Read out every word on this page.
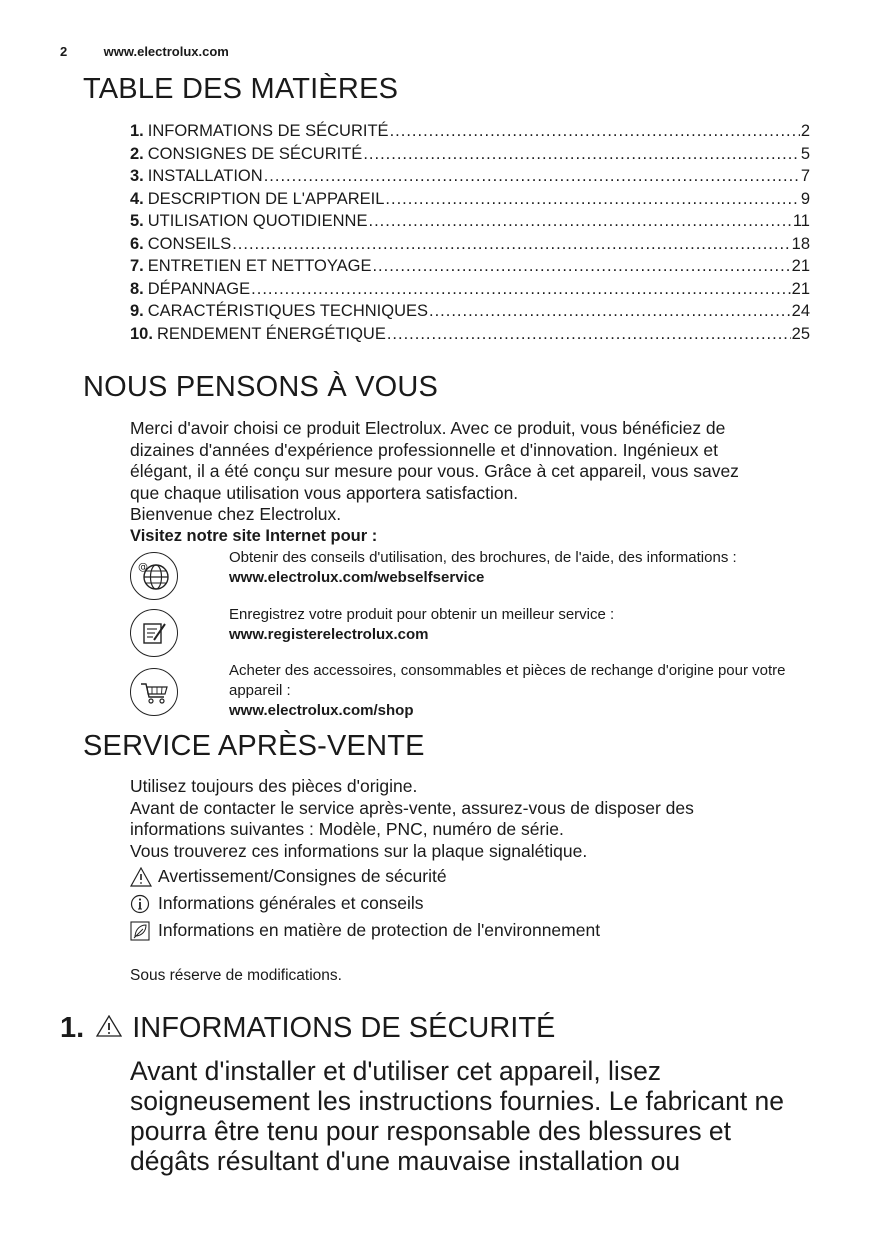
2	www.electrolux.com
TABLE DES MATIÈRES
1. INFORMATIONS DE SÉCURITÉ .....	2
2. CONSIGNES DE SÉCURITÉ .....	5
3. INSTALLATION .....	7
4. DESCRIPTION DE L'APPAREIL .....	9
5. UTILISATION QUOTIDIENNE .....	11
6. CONSEILS .....	18
7. ENTRETIEN ET NETTOYAGE .....	21
8. DÉPANNAGE .....	21
9. CARACTÉRISTIQUES TECHNIQUES .....	24
10. RENDEMENT ÉNERGÉTIQUE .....	25
NOUS PENSONS À VOUS

Merci d'avoir choisi ce produit Electrolux. Avec ce produit, vous bénéficiez de

dizaines d'années d'expérience professionnelle et d'innovation. Ingénieux et

élégant, il a été conçu sur mesure pour vous. Grâce à cet appareil, vous savez

que chaque utilisation vous apportera satisfaction.

Bienvenue chez Electrolux.

Visitez notre site Internet pour :

@
Obtenir des conseils d'utilisation, des brochures, de l'aide, des informations :
www.electrolux.com/webselfservice
Enregistrez votre produit pour obtenir un meilleur service :
www.registerelectrolux.com
Acheter des accessoires, consommables et pièces de rechange d'origine pour votre appareil :
www.electrolux.com/shop
SERVICE APRÈS-VENTE

Utilisez toujours des pièces d'origine.

Avant de contacter le service après-vente, assurez-vous de disposer des

informations suivantes : Modèle, PNC, numéro de série.

Vous trouverez ces informations sur la plaque signalétique.

Avertissement/Consignes de sécurité
Informations générales et conseils
Informations en matière de protection de l'environnement
Sous réserve de modifications.
1. INFORMATIONS DE SÉCURITÉ
Avant d'installer et d'utiliser cet appareil, lisez
soigneusement les instructions fournies. Le fabricant ne
pourra être tenu pour responsable des blessures et
dégâts résultant d'une mauvaise installation ou
